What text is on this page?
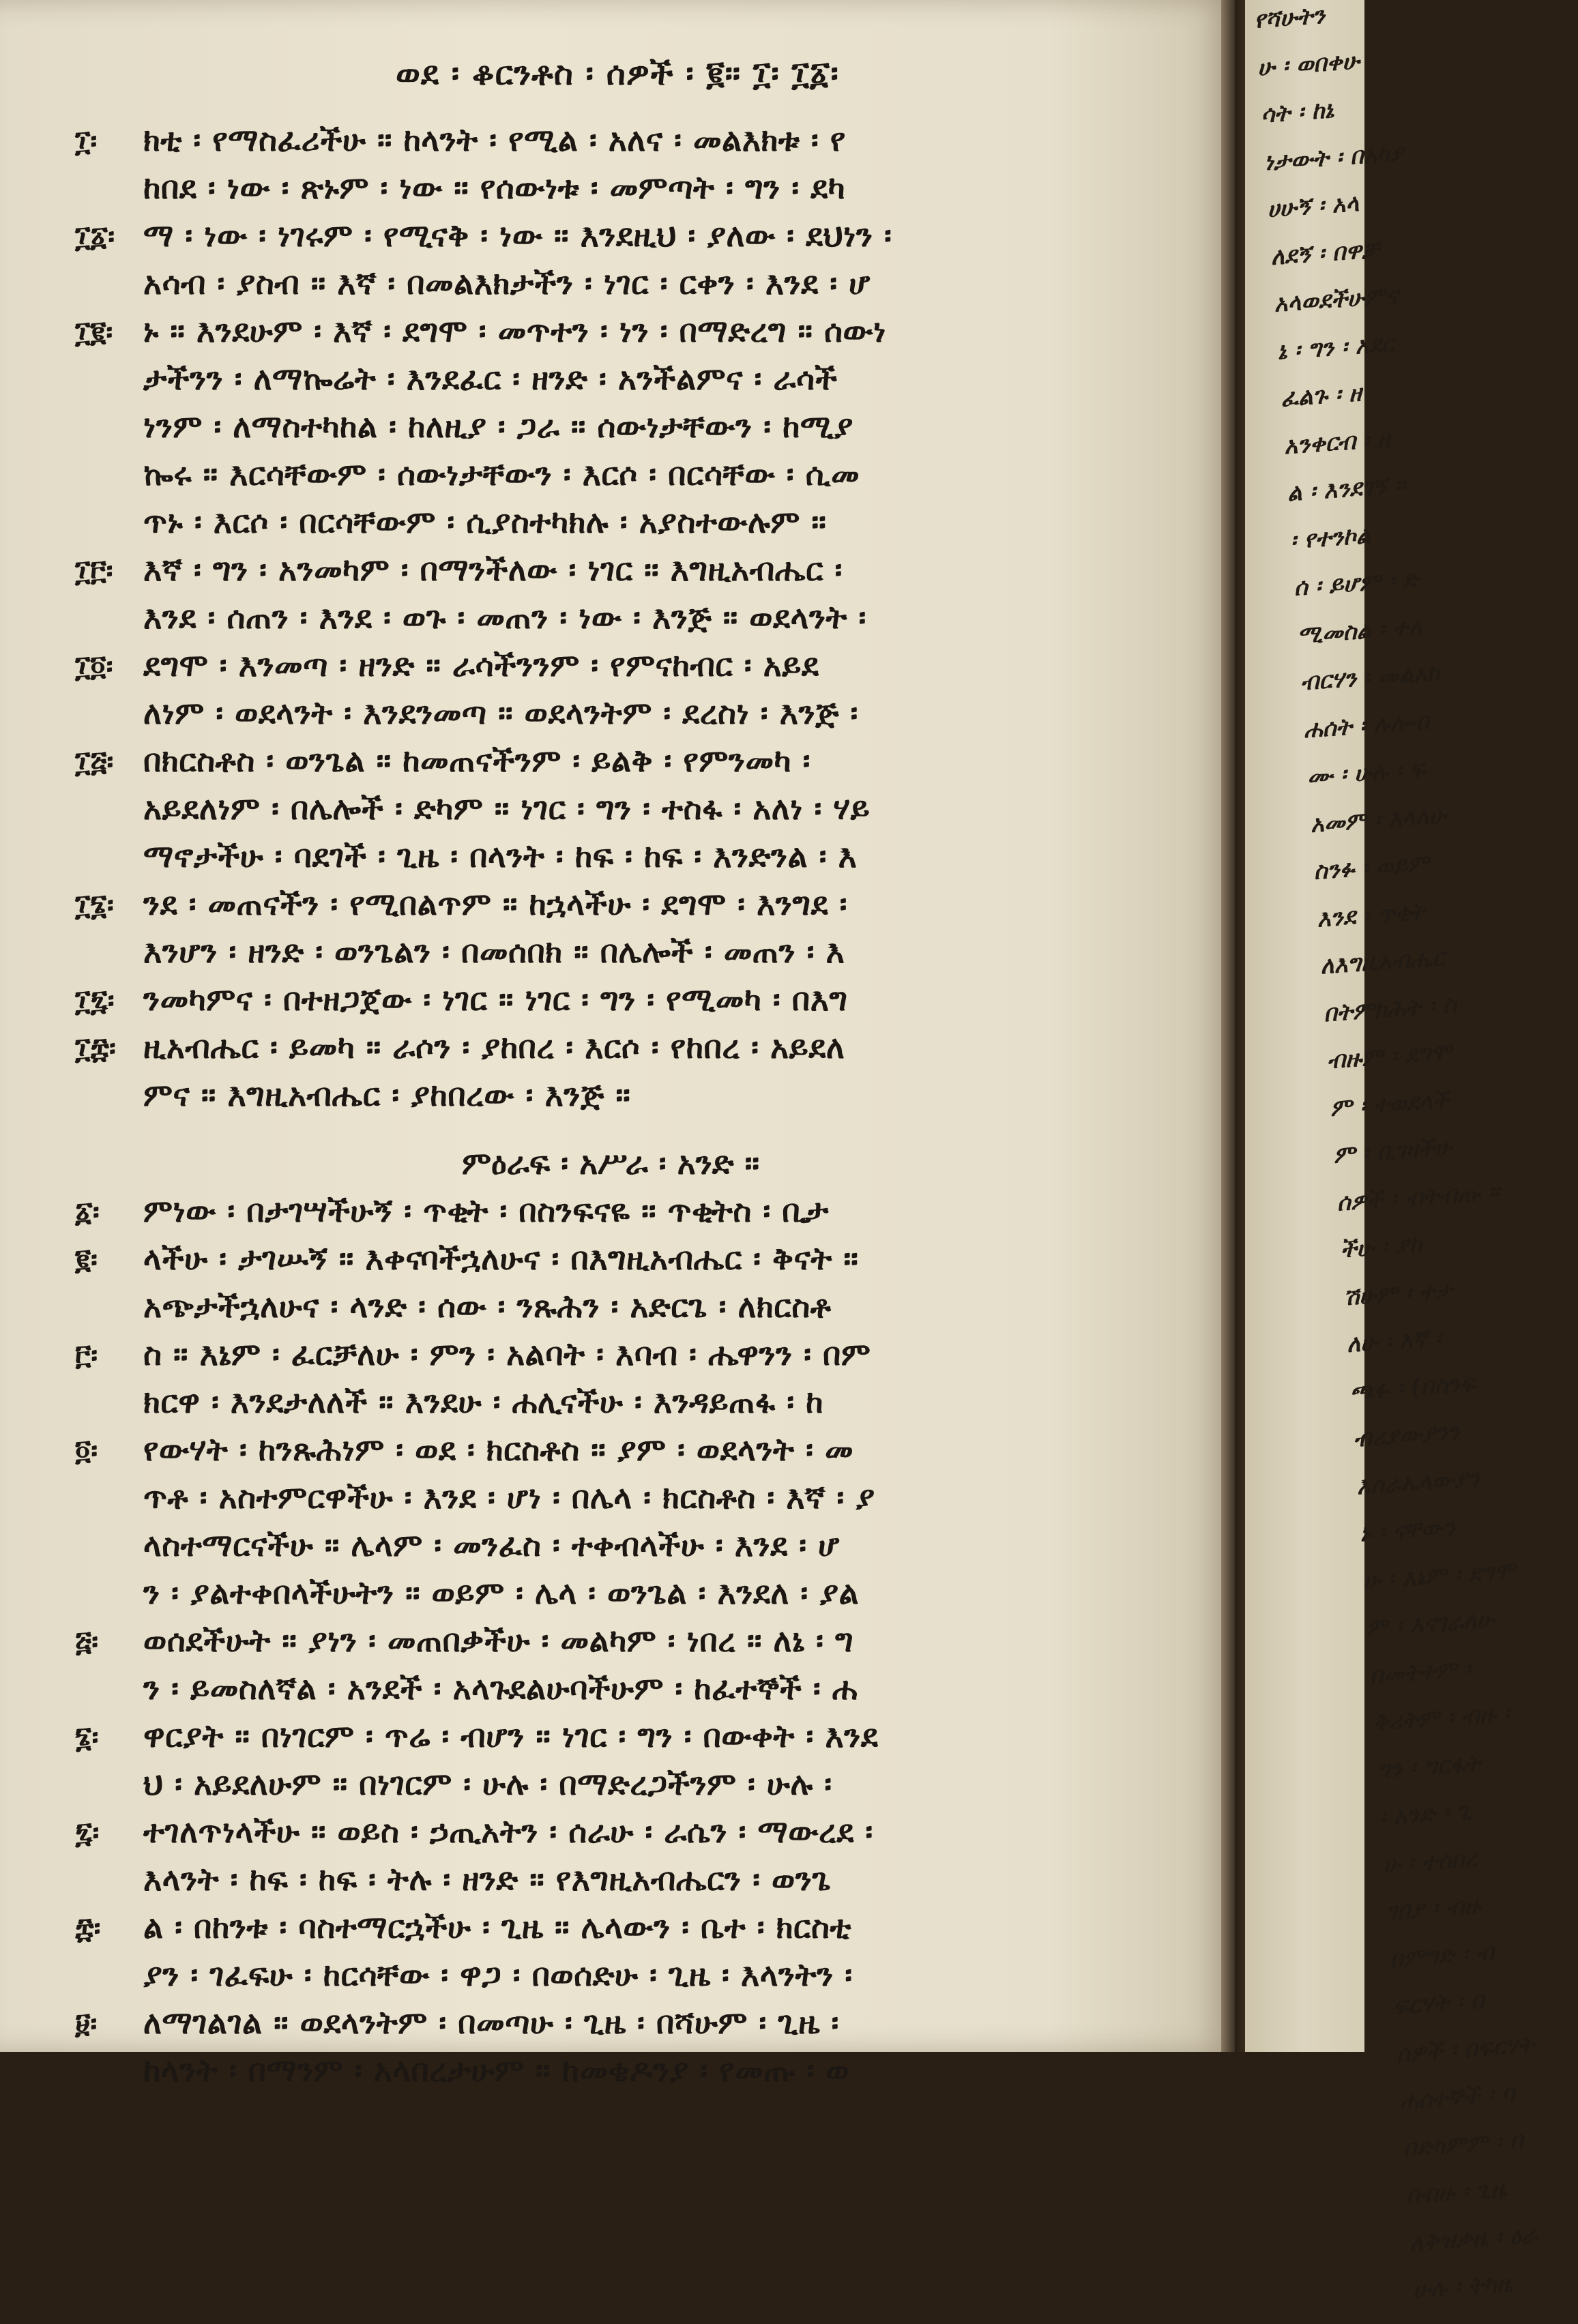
ወደ ፡ ቆርንቶስ ፡ ሰዎች ፡ ፪። ፲፡ ፲፩፡
፲፡	ክቲ ፡ የማስፈሪችሁ ። ከላንት ፡ የሚል ፡ አለና ፡ መልእክቱ ፡ የ
ከበደ ፡ ነው ፡ ጽኑም ፡ ነው ። የሰውነቱ ፡ መምጣት ፡ ግን ፡ ደካ
፲፩፡ ማ ፡ ነው ፡ ነገሩም ፡ የሚናቅ ፡ ነው ። እንደዚህ ፡ ያለው ፡ ደህነን ፡
አሳብ ፡ ያስብ ። እኛ ፡ በመልእክታችን ፡ ነገር ፡ ርቀን ፡ እንደ ፡ ሆ
፲፪፡ ኑ ። እንደሁም ፡ እኛ ፡ ደግሞ ፡ መጥተን ፡ ነን ፡ በማድረግ ። ሰውነ
ታችንን ፡ ለማኰሬት ፡ እንደፈር ፡ ዘንድ ፡ አንችልምና ፡ ራሳች
ነንም ፡ ለማስተካከል ፡ ከለዚያ ፡ ጋራ ። ሰውነታቸውን ፡ ከሚያ
ኰሩ ። እርሳቸውም ፡ ሰውነታቸውን ፡ እርሶ ፡ በርሳቸው ፡ ሲመ
ጥኑ ፡ እርሶ ፡ በርሳቸውም ፡ ሲያስተካክሉ ፡ አያስተውሉም ።
፲፫፡ እኛ ፡ ግን ፡ አንመካም ፡ በማንችለው ፡ ነገር ። እግዚአብሔር ፡
እንደ ፡ ሰጠን ፡ እንደ ፡ ወጉ ፡ መጠን ፡ ነው ፡ እንጅ ። ወደላንት ፡
፲፬፡ ደግሞ ፡ እንመጣ ፡ ዘንድ ። ራሳችንንም ፡ የምናከብር ፡ አይደ
ለነም ፡ ወደላንት ፡ እንደንመጣ ። ወደላንትም ፡ ደረስነ ፡ እንጅ ፡
፲፭፡ በክርስቶስ ፡ ወንጌል ። ከመጠናችንም ፡ ይልቅ ፡ የምንመካ ፡
አይደለነም ፡ በሌሎች ፡ ድካም ። ነገር ፡ ግን ፡ ተስፋ ፡ አለነ ፡ ሃይ
ማኖታችሁ ፡ ባደገች ፡ ጊዜ ፡ በላንት ፡ ከፍ ፡ ከፍ ፡ እንድንል ፡ እ
፲፮፡ ንደ ፡ መጠናችን ፡ የሚበልጥም ። ከኋላችሁ ፡ ደግሞ ፡ እንግደ ፡
እንሆን ፡ ዘንድ ፡ ወንጌልን ፡ በመሰበክ ። በሌሎች ፡ መጠን ፡ እ
፲፯፡ ንመካምና ፡ በተዘጋጀው ፡ ነገር ። ነገር ፡ ግን ፡ የሚመካ ፡ በእግ
፲፰፡ ዚአብሔር ፡ ይመካ ። ራሶን ፡ ያከበረ ፡ እርሶ ፡ የከበረ ፡ አይደለ
ምና ። እግዚአብሔር ፡ ያከበረው ፡ እንጅ ።
ምዕራፍ ፡ አሥራ ፡ አንድ ።
፩፡	ምነው ፡ በታገሣችሁኝ ፡ ጥቂት ፡ በስንፍናዬ ። ጥቂትስ ፡ ቢታ
፪፡	ላችሁ ፡ ታገሡኝ ። እቀናባችኋለሁና ፡ በእግዚአብሔር ፡ ቅናት ።
አጭታችኋለሁና ፡ ላንድ ፡ ሰው ፡ ንጹሕን ፡ አድርጌ ፡ ለክርስቶ
፫፡	ስ ። እኔም ፡ ፈርቻለሁ ፡ ምን ፡ አልባት ፡ እባብ ፡ ሔዋንን ፡ በም
ክርዋ ፡ እንደታለለች ። እንደሁ ፡ ሐሊናችሁ ፡ እንዳይጠፋ ፡ ከ
፬፡	የውሃት ፡ ከንጹሕነም ፡ ወደ ፡ ክርስቶስ ። ያም ፡ ወደላንት ፡ መ
ጥቶ ፡ አስተምርዋችሁ ፡ እንደ ፡ ሆነ ፡ በሌላ ፡ ክርስቶስ ፡ እኛ ፡ ያ
ላስተማርናችሁ ። ሌላም ፡ መንፈስ ፡ ተቀብላችሁ ፡ እንደ ፡ ሆ
ን ፡ ያልተቀበላችሁትን ። ወይም ፡ ሌላ ፡ ወንጌል ፡ እንደለ ፡ ያል
፭፡	ወሰደችሁት ። ያነን ፡ መጠበቃችሁ ፡ መልካም ፡ ነበረ ። ለኔ ፡ ግ
ን ፡ ይመስለኛል ፡ አንደች ፡ አላጉደልሁባችሁም ፡ ከፈተኞች ፡ ሐ
፮፡	ዋርያት ። በነገርም ፡ ጥሬ ፡ ብሆን ። ነገር ፡ ግን ፡ በውቀት ፡ እንደ
ህ ፡ አይደለሁም ። በነገርም ፡ ሁሉ ፡ በማድረጋችንም ፡ ሁሉ ፡
፯፡	ተገለጥነላችሁ ። ወይስ ፡ ኃጢአትን ፡ ሰራሁ ፡ ራሴን ፡ ማውረደ ፡
እላንት ፡ ከፍ ፡ ከፍ ፡ ትሉ ፡ ዘንድ ። የእግዚአብሔርን ፡ ወንጌ
፰፡	ል ፡ በከንቱ ፡ ባስተማርኋችሁ ፡ ጊዜ ። ሌላውን ፡ ቤተ ፡ ክርስቲ
ያን ፡ ገፈፍሁ ፡ ከርሳቸው ፡ ዋጋ ፡ በወሰድሁ ፡ ጊዜ ፡ እላንትን ፡
፱፡	ለማገልገል ። ወደላንትም ፡ በመጣሁ ፡ ጊዜ ፡ በሻሁም ፡ ጊዜ ፡
ከላንት ፡ በማንም ፡ አላበረታሁም ። ከመቄዶንያ ፡ የመጡ ፡ ወ
የሻሁትን
ሁ ፡ ወበቀሁ
ሳት ፡ ከኔ
ነታውት ፡ በአካያ
ሀሁኝ ፡ አላ
ለደኝ ፡ በዋቻ
አላወደችሁምና
ኔ ፡ ግን ፡ አደር
ፈልጉ ፡ ዘ
አንቀርብ ፡ ዘ
ል ፡ እንደገኝ ።
፡ የተንኮል
ሰ ፡ ይሆም ፡ ድ
ሚመስል ፡ ተለ
ብርሃን ፡ መልአክ
ሐሰት ፡ ሉሎብ
ሙ ፡ ሁሉ ፡ ፍ
አመም ፡ እላለሁ
ስንፉ ፡ ወይም
እንደ ፡ ጥቂት
ለእግዚአብሔር
በትምክሕት ፡ ስ
ብዙም ፡ ደግሞ
ም ፡ ተወደላች
ም ፡ ቢገዛችሁ
ሰዎች ፡ ብትብጡ ።
ችሁ ፡ ያከ
ሽሁም ፡ ተታ
ለሁ ፡ እኛ ፡
ጫፉ ፡ (በስንፍ
ብሪያውያንን
እስራኤላውያን
ኑ ፡ ናቸውን
ሁ ፡ እኔም ፡ ደግሞ
ም ፡ እናገራለሁ
በመትተም ፡
ቅሪትም ፡ ብዙ ፡
ግን ፡ ግርፋት
፡ አንድ ፡ ጊ
ሁ ፡ ተሰበረ
ገበያ ፡ ብዙ
በምግድ ፡ ብ
ፍርሃት ፡ በ
ሰዎች ፡ በፍርሃት
ሐሰተኞች ፡ ባ
በድካምም ፡ በ
በብዙ ፡ ጊዜ
ለቅዝቃዜ ፡ ዕራ
ሁሉ ፡ ትካዜ
